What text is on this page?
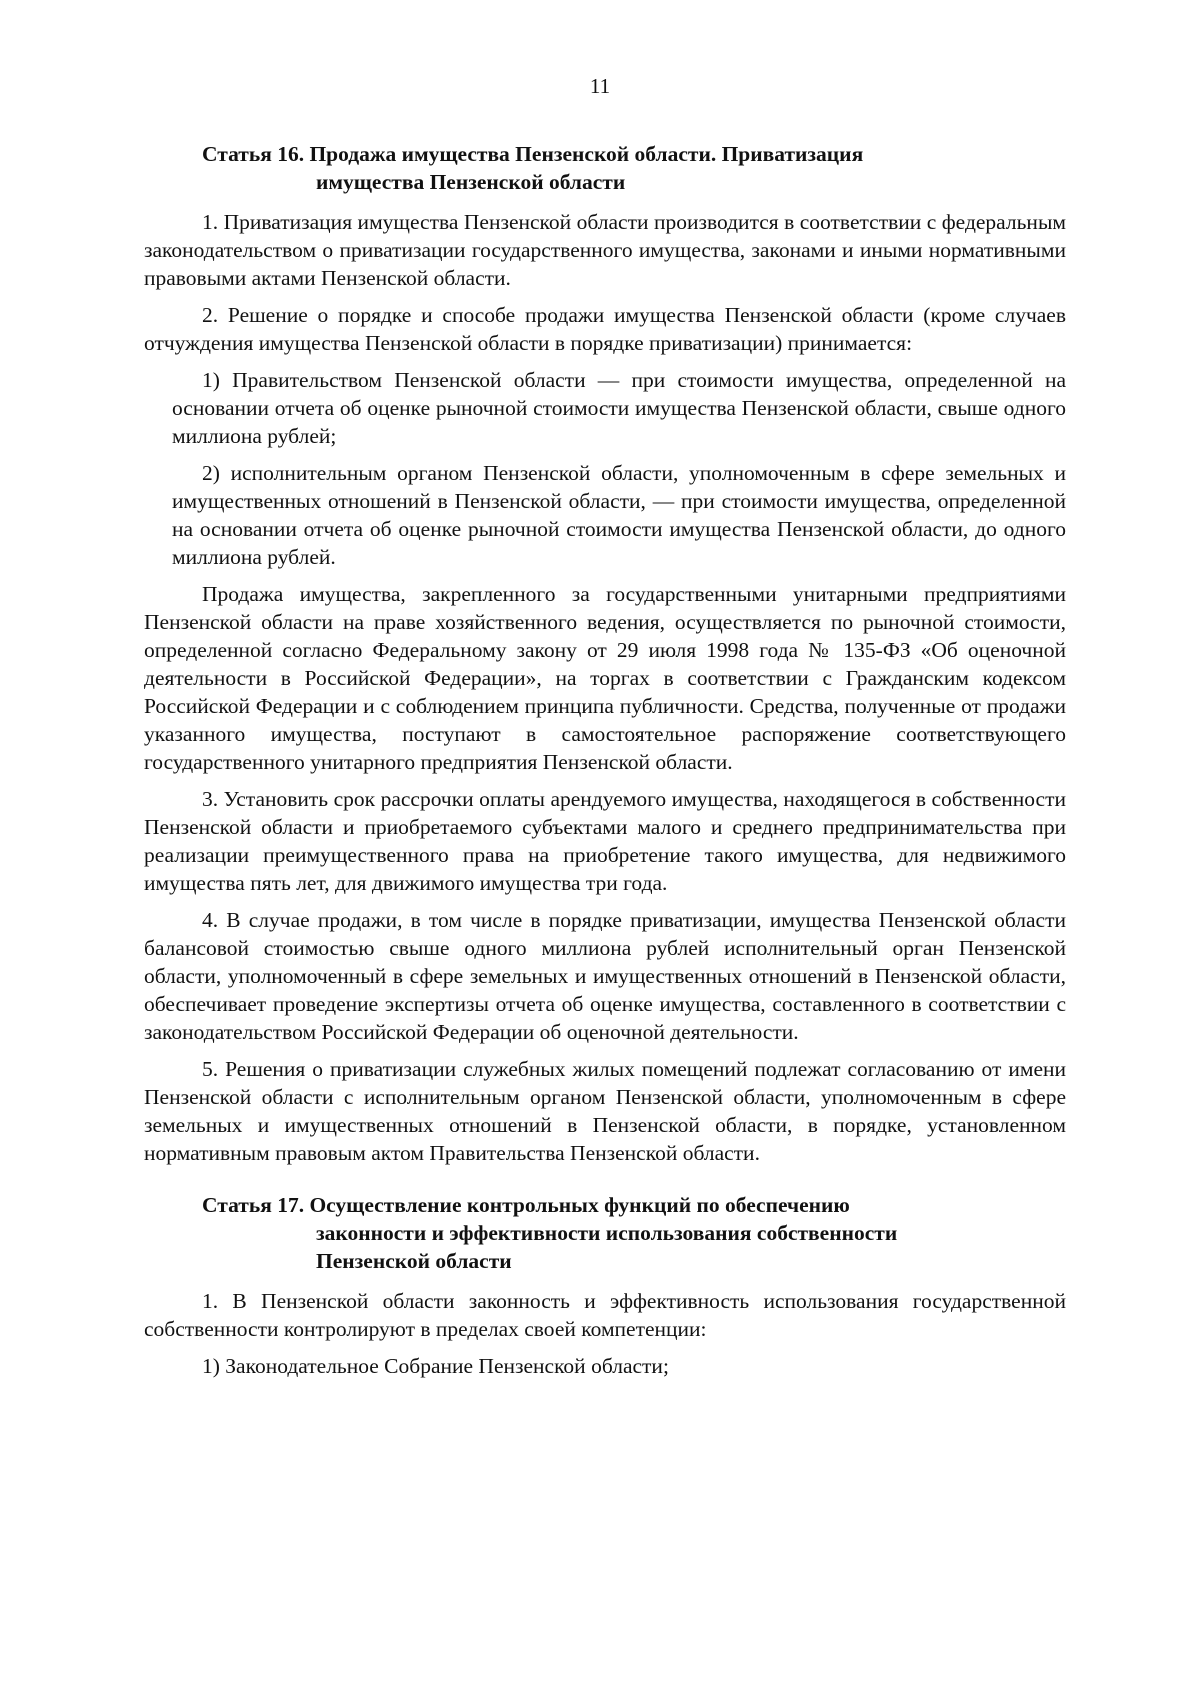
11
Статья 16. Продажа имущества Пензенской области. Приватизация
имущества Пензенской области

1. Приватизация имущества Пензенской области производится в соответствии с федеральным законодательством о приватизации государственного имущества, законами и иными нормативными правовыми актами Пензенской области.

2. Решение о порядке и способе продажи имущества Пензенской области (кроме случаев отчуждения имущества Пензенской области в порядке приватизации) принимается:

1) Правительством Пензенской области — при стоимости имущества, определенной на основании отчета об оценке рыночной стоимости имущества Пензенской области, свыше одного миллиона рублей;

2) исполнительным органом Пензенской области, уполномоченным в сфере земельных и имущественных отношений в Пензенской области, — при стоимости имущества, определенной на основании отчета об оценке рыночной стоимости имущества Пензенской области, до одного миллиона рублей.

Продажа имущества, закрепленного за государственными унитарными предприятиями Пензенской области на праве хозяйственного ведения, осуществляется по рыночной стоимости, определенной согласно Федеральному закону от 29 июля 1998 года № 135-ФЗ «Об оценочной деятельности в Российской Федерации», на торгах в соответствии с Гражданским кодексом Российской Федерации и с соблюдением принципа публичности. Средства, полученные от продажи указанного имущества, поступают в самостоятельное распоряжение соответствующего государственного унитарного предприятия Пензенской области.

3. Установить срок рассрочки оплаты арендуемого имущества, находящегося в собственности Пензенской области и приобретаемого субъектами малого и среднего предпринимательства при реализации преимущественного права на приобретение такого имущества, для недвижимого имущества пять лет, для движимого имущества три года.

4. В случае продажи, в том числе в порядке приватизации, имущества Пензенской области балансовой стоимостью свыше одного миллиона рублей исполнительный орган Пензенской области, уполномоченный в сфере земельных и имущественных отношений в Пензенской области, обеспечивает проведение экспертизы отчета об оценке имущества, составленного в соответствии с законодательством Российской Федерации об оценочной деятельности.

5. Решения о приватизации служебных жилых помещений подлежат согласованию от имени Пензенской области с исполнительным органом Пензенской области, уполномоченным в сфере земельных и имущественных отношений в Пензенской области, в порядке, установленном нормативным правовым актом Правительства Пензенской области.

Статья 17. Осуществление контрольных функций по обеспечению
законности и эффективности использования собственности
Пензенской области

1. В Пензенской области законность и эффективность использования государственной собственности контролируют в пределах своей компетенции:

1) Законодательное Собрание Пензенской области;
